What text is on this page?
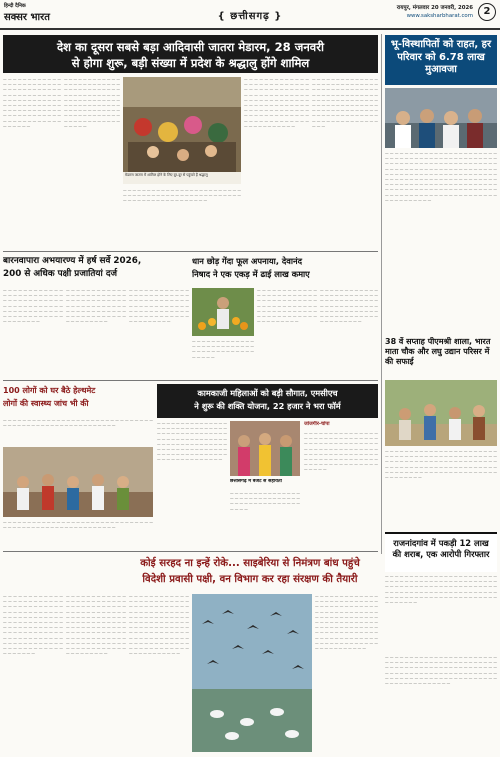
हिन्दी दैनिक
सक्सर भारत	{ छत्तीसगढ़ }
रायपुर, मंगलवार 20 जनवरी, 2026
www.saksharbharat.com	2
देश का दूसरा सबसे बड़ा आदिवासी जातरा मेडारम, 28 जनवरी
से होगा शुरू, बड़ी संख्या में प्रदेश के श्रद्धालु होंगे शामिल
— — — — — — — — — — — — — — — — — — — — — — — — — — — — — — — — — — — — — — — — — — — — — — — — — — — — — — — — — — — — — — — — — — — — — — — — — — — — — — — — — — — — — — — — — — — — — — — — — — — — — — — — — — — — — — — — — —
— — — — — — — — — — — — — — — — — — — — — — — — — — — — — — — — — — — — — — — — — — — — — — — — — — — — — — — — — — — — — — — — — — — — — — — — — — — — — — — — — — — — — — — — — — — — — — — — — — — — — — — — — — — — — — — — —
मेडारम जातरा में शामिल होने के लिए दूर-दूर से पहुंचते हैं श्रद्धालु
— — — — — — — — — — — — — — — — — — — — — — — — — — — — — — — — — — — — — — — — — — — — — — — — — — — — — — — — — — — — — — — — — — — —
— — — — — — — — — — — — — — — — — — — — — — — — — — — — — — — — — — — — — — — — — — — — — — — — — — — — — — — — — — — — — — — — — — — — — — — — — — — — — — — — — — — — — — — — — — — — — — — — — — — — — — — — — — — — — — — — — — — — — — — — — — — — — — — —
— — — — — — — — — — — — — — — — — — — — — — — — — — — — — — — — — — — — — — — — — — — — — — — — — — — — — — — — — — — — — — — — — — — — — — — — — — — — — — — — — — — — — — — — — — — — — — — — — — — — — — — — — — — — — — — — — — — — — — — — — — — — — — — — —
भू-विस्थापितों को राहत, हर परिवार को 6.78 लाख मुआवजा
— — — — — — — — — — — — — — — — — — — — — — — — — — — — — — — — — — — — — — — — — — — — — — — — — — — — — — — — — — — — — — — — — — — — — — — — — — — — — — — — — — — — — — — — — — — — — — — — — — — — — — — — — — — — — — — — — — — — — — — — — — — — — — — — — — — — — — — — — — — — — — — — — — — — — — — — — — — — — — — — — — — — — — — — — — — — — — — — — — — — — — — — — — — — — — — — — — — — — — — — — — — — — — — — — — — — — — — — —
38 वें सप्ताह पीएमश्री शाला, भारत माता चौक और लघु उद्यान परिसर में की सफाई
— — — — — — — — — — — — — — — — — — — — — — — — — — — — — — — — — — — — — — — — — — — — — — — — — — — — — — — — — — — — — — — — — — — — — — — — — — — — — — — — — — — — — — — — — — — — — — — — — — — — — — — — — — — — — — — — — — — — — — — — — — —
राजनांदगांव में पकड़ी 12 लाख की शराब, एक आरोपी गिरफ्तार
— — — — — — — — — — — — — — — — — — — — — — — — — — — — — — — — — — — — — — — — — — — — — — — — — — — — — — — — — — — — — — — — — — — — — — — — — — — — — — — — — — — — — — — — — — — — — — — — — — — — — — — — — — — — — — — — — — — — — — — — — —
बारनवापारा अभयारण्य में हर्ष सर्वे 2026,
200 से अधिक पक्षी प्रजातियां दर्ज
— — — — — — — — — — — — — — — — — — — — — — — — — — — — — — — — — — — — — — — — — — — — — — — — — — — — — — — — — — — — — — — — — — — — — — — — — — — — — — — —
— — — — — — — — — — — — — — — — — — — — — — — — — — — — — — — — — — — — — — — — — — — — — — — — — — — — — — — — — — — — — — — — — — — — — — — — — — — — — — — — —
— — — — — — — — — — — — — — — — — — — — — — — — — — — — — — — — — — — — — — — — — — — — — — — — — — — — — — — — — — — — — — — — — — — — — — — — — — — — — — — — —
धान छोड़ गेंदा फूल अपनाया, देवानंद
निषाद ने एक एकड़ में ढाई लाख कमाए
— — — — — — — — — — — — — — — — — — — — — — — — — — — — — — — — — — — — — — — — — — — — — — — — — — — — — — — — — — — — — — — — — — — — — — — — — — — — — — — — —
— — — — — — — — — — — — — — — — — — — — — — — — — — — — — — — — — — — — — — — — — — — — — — — — — — — — — — — — — — — — — — — — — — — — — — — — — — — — — — — — —
— — — — — — — — — — — — — — — — — — — — — — — — — — — — — — — — — — — — — — — — — — — —
100 लोगों को घर बैठे हेल्थमेट
लोगों की स्वास्थ्य जांच भी की
— — — — — — — — — — — — — — — — — — — — — — — — — — — — — — — — — — — — — — — — — — — — — — — — — — — — — — —
— — — — — — — — — — — — — — — — — — — — — — — — — — — — — — — — — — — — — — — — — — — — — — — — — — — — — — —
कामकाजी महिलाओं को बड़ी सौगात, एमसीएच
ने शुरू की शक्ति योजना, 22 हजार ने भरा फॉर्म
— — — — — — — — — — — — — — — — — — — — — — — — — — — — — — — — — — — — — — — — — — — — — — — — — — — — — — — — — — — — — — — — — — — — — — — — — — — — — — — — — — — — — — — — — — — — — — — — — — — — — — — — — — — — — — — — — — — — — — —
छत्तीसगढ़ में बजट से सहायता
— — — — — — — — — — — — — — — — — — — — — — — — — — — — — — — — — — — — — — — — — — — — — — — — —
जांजगीर-चांपा
— — — — — — — — — — — — — — — — — — — — — — — — — — — — — — — — — — — — — — — — — — — — — — — — — — — — — — — — — — — — — — — — — — — — — — — — — — — — — — — — — — — — — — — — — — — — — — — — — — — — — — — — — — — — — —
कोई सरहद ना इन्हें रोके... साइबेरिया से निमंत्रण बांध पहुंचे
विदेशी प्रवासी पक्षी, वन विभाग कर रहा संरक्षण की तैयारी
— — — — — — — — — — — — — — — — — — — — — — — — — — — — — — — — — — — — — — — — — — — — — — — — — — — — — — — — — — — — — — — — — — — — — — — — — — — — — — — — — — — — — — — — — — — — — — — — — — — — — — — — — — — — — — — — — — — — — — — — — — — — — — — — — — — — — — — — — — —
— — — — — — — — — — — — — — — — — — — — — — — — — — — — — — — — — — — — — — — — — — — — — — — — — — — — — — — — — — — — — — — — — — — — — — — — — — — — — — — — — — — — — — — — — — — — — — — — — — — — — — — — — — — — — — — — — — — — — — — — — — — — — — — — — — — — — — — — — — — — —
— — — — — — — — — — — — — — — — — — — — — — — — — — — — — — — — — — — — — — — — — — — — — — — — — — — — — — — — — — — — — — — — — — — — — — — — — — — — — — — — — — — — — — — — — — — — — — — — — — — — — — — — — — — — — — — — — — — — — — — — — — — — — — — — — — — — — — — — — — — — — — —
— — — — — — — — — — — — — — — — — — — — — — — — — — — — — — — — — — — — — — — — — — — — — — — — — — — — — — — — — — — — — — — — — — — — — — — — — — — — — — — — — — — — — — — — — — — — — — — — — — — — — — — — — — — — — — — — — — — — — — — — — — — — — — — — — — — — — — — — — — — — —
— — — — — — — — — — — — — — — — — — — — — — — — — — — — — — — — — — — — — — — — — — — — — — — — — — — — — — — — — — — — — — — — — — — — — — — — — — — — — — — — — — — — — — — — — — — — — — — — — — — — — — — — — — — — — — — — — — — — — — — — — — — — — — — — —
